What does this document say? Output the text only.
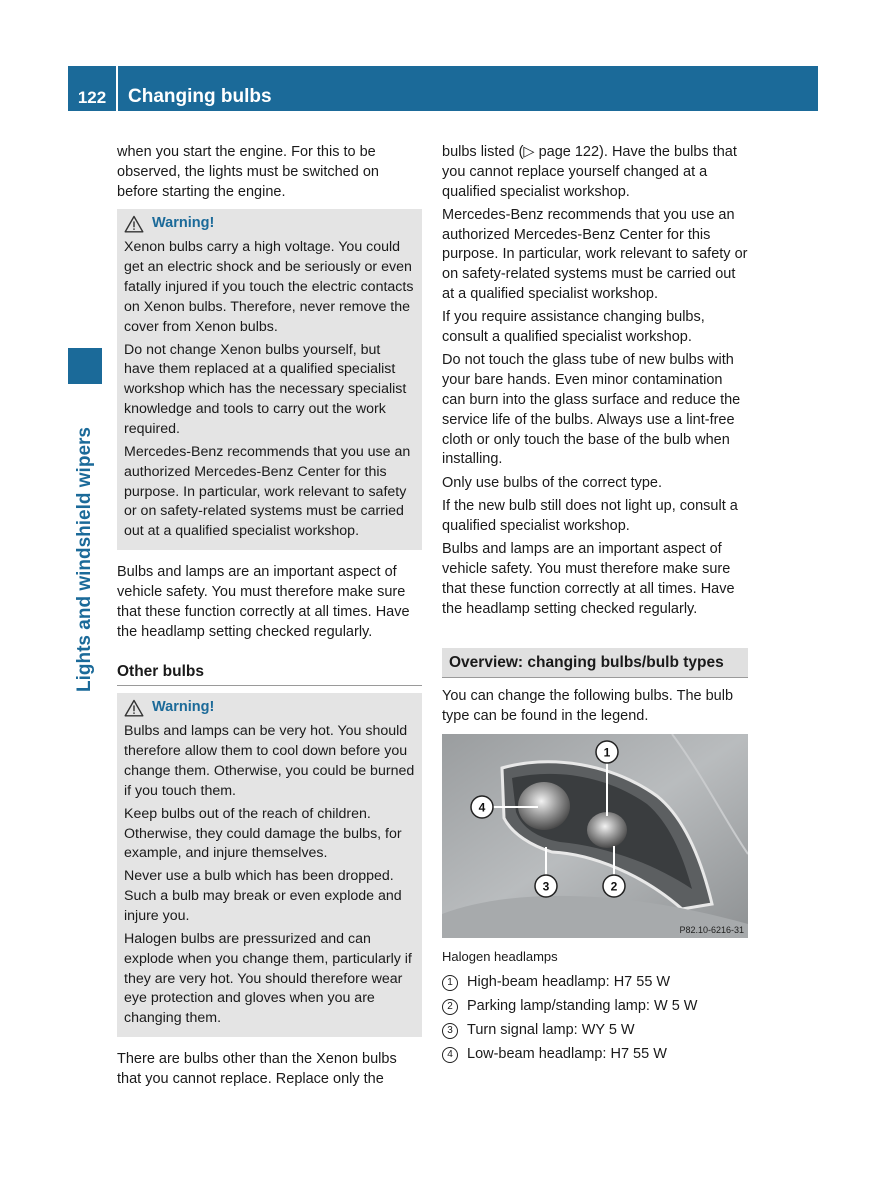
122	Changing bulbs
Lights and windshield wipers

when you start the engine. For this to be observed, the lights must be switched on before starting the engine.

Warning!

Xenon bulbs carry a high voltage. You could get an electric shock and be seriously or even fatally injured if you touch the electric contacts on Xenon bulbs. Therefore, never remove the cover from Xenon bulbs.

Do not change Xenon bulbs yourself, but have them replaced at a qualified specialist workshop which has the necessary specialist knowledge and tools to carry out the work required.

Mercedes-Benz recommends that you use an authorized Mercedes-Benz Center for this purpose. In particular, work relevant to safety or on safety-related systems must be carried out at a qualified specialist workshop.

Bulbs and lamps are an important aspect of vehicle safety. You must therefore make sure that these function correctly at all times. Have the headlamp setting checked regularly.

Other bulbs
Warning!

Bulbs and lamps can be very hot. You should therefore allow them to cool down before you change them. Otherwise, you could be burned if you touch them.

Keep bulbs out of the reach of children. Otherwise, they could damage the bulbs, for example, and injure themselves.

Never use a bulb which has been dropped. Such a bulb may break or even explode and injure you.

Halogen bulbs are pressurized and can explode when you change them, particularly if they are very hot. You should therefore wear eye protection and gloves when you are changing them.

There are bulbs other than the Xenon bulbs that you cannot replace. Replace only the

bulbs listed (▷ page 122). Have the bulbs that you cannot replace yourself changed at a qualified specialist workshop.

Mercedes-Benz recommends that you use an authorized Mercedes-Benz Center for this purpose. In particular, work relevant to safety or on safety-related systems must be carried out at a qualified specialist workshop.

If you require assistance changing bulbs, consult a qualified specialist workshop.

Do not touch the glass tube of new bulbs with your bare hands. Even minor contamination can burn into the glass surface and reduce the service life of the bulbs. Always use a lint-free cloth or only touch the base of the bulb when installing.

Only use bulbs of the correct type.

If the new bulb still does not light up, consult a qualified specialist workshop.

Bulbs and lamps are an important aspect of vehicle safety. You must therefore make sure that these function correctly at all times. Have the headlamp setting checked regularly.

Overview: changing bulbs/bulb types

You can change the following bulbs. The bulb type can be found in the legend.

1
2
3
4
P82.10-6216-31
Halogen headlamps
1 High-beam headlamp: H7 55 W
2 Parking lamp/standing lamp: W 5 W
3 Turn signal lamp: WY 5 W
4 Low-beam headlamp: H7 55 W
